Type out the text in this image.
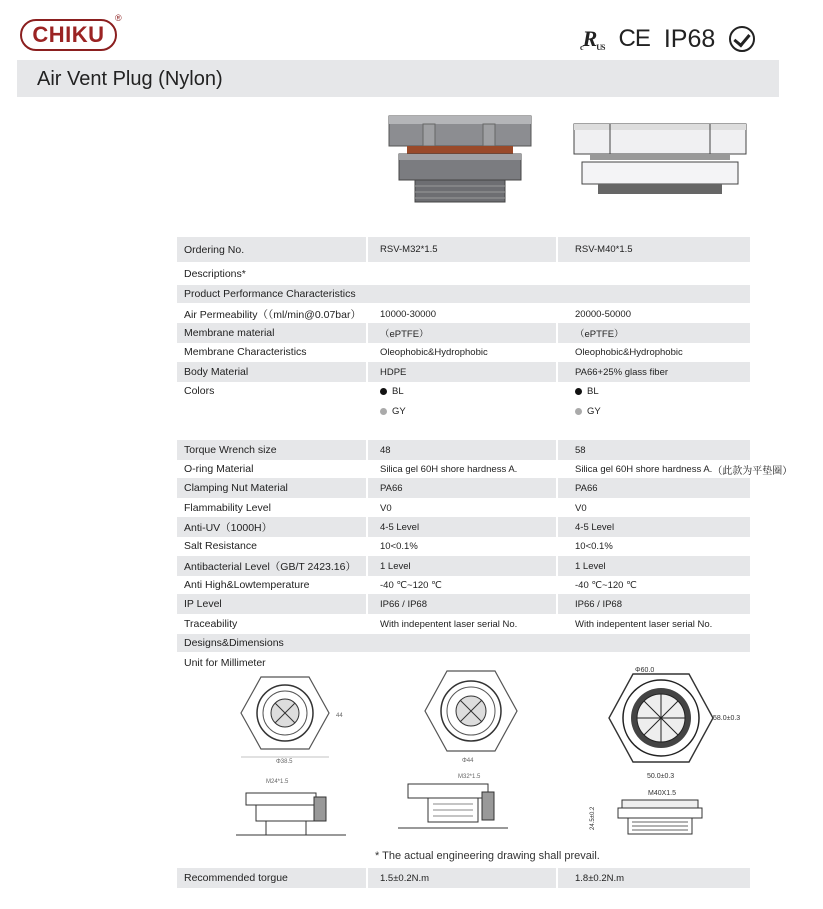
CHIKU
®
cRUS CE IP68
Air Vent Plug (Nylon)
Ordering No.	RSV-M32*1.5	RSV-M40*1.5
Descriptions*
Product Performance Characteristics
Air Permeability（（ml/min@0.07bar）	10000-30000	20000-50000
Membrane material	（ePTFE）	（ePTFE）
Membrane Characteristics	Oleophobic&Hydrophobic	Oleophobic&Hydrophobic
Body Material	HDPE	PA66+25% glass fiber
Colors	BL	BL
GY	GY
Torque Wrench size	48	58
O-ring Material	Silica gel 60H shore hardness A.	Silica gel 60H shore hardness A. （此款为平垫圈）
Clamping Nut Material	PA66	PA66
Flammability Level	V0	V0
Anti-UV（1000H）	4-5 Level	4-5 Level
Salt Resistance	10<0.1%	10<0.1%
Antibacterial Level（GB/T 2423.16）	1 Level	1 Level
Anti High&Lowtemperature	-40 ℃~120 ℃	-40 ℃~120 ℃
IP Level	IP66 / IP68	IP66 / IP68
Traceability	With indepentent laser serial No.	With indepentent laser serial No.
Designs&Dimensions
Unit for Millimeter
Φ38.5
44
Φ44
Φ60.0
58.0±0.3
50.0±0.3
M24*1.5
M32*1.5
M40X1.5
24.5±0.2
* The actual engineering drawing shall prevail.
Recommended torgue	1.5±0.2N.m	1.8±0.2N.m
